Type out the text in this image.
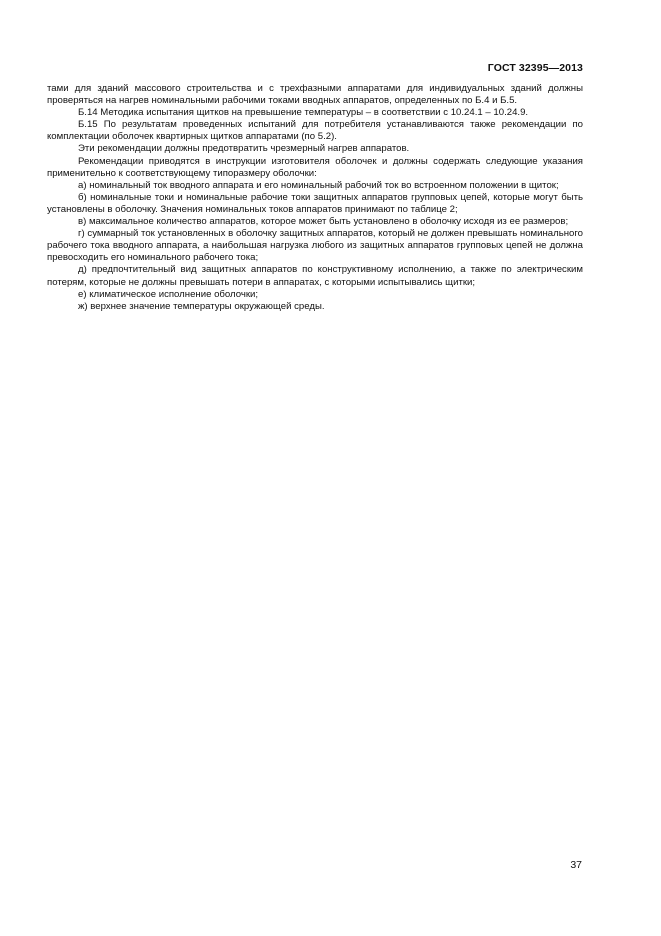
ГОСТ 32395—2013

тами для зданий массового строительства и с трехфазными аппаратами для индивидуальных зданий должны проверяться на нагрев номинальными рабочими токами вводных аппаратов, определенных по Б.4 и Б.5.

Б.14 Методика испытания щитков на превышение температуры – в соответствии с 10.24.1 – 10.24.9.

Б.15 По результатам проведенных испытаний для потребителя устанавливаются также рекомендации по комплектации оболочек квартирных щитков аппаратами (по 5.2).

Эти рекомендации должны предотвратить чрезмерный нагрев аппаратов.

Рекомендации приводятся в инструкции изготовителя оболочек и должны содержать следующие указания применительно к соответствующему типоразмеру оболочки:

а) номинальный ток вводного аппарата и его номинальный рабочий ток во встроенном положении в щиток;

б) номинальные токи и номинальные рабочие токи защитных аппаратов групповых цепей, которые могут быть установлены в оболочку. Значения номинальных токов аппаратов принимают по таблице 2;

в) максимальное количество аппаратов, которое может быть установлено в оболочку исходя из ее размеров;

г) суммарный ток установленных в оболочку защитных аппаратов, который не должен превышать номинального рабочего тока вводного аппарата, а наибольшая нагрузка любого из защитных аппаратов групповых цепей не должна превосходить его номинального рабочего тока;

д) предпочтительный вид защитных аппаратов по конструктивному исполнению, а также по электрическим потерям, которые не должны превышать потери в аппаратах, с которыми испытывались щитки;

е) климатическое исполнение оболочки;

ж) верхнее значение температуры окружающей среды.

37
